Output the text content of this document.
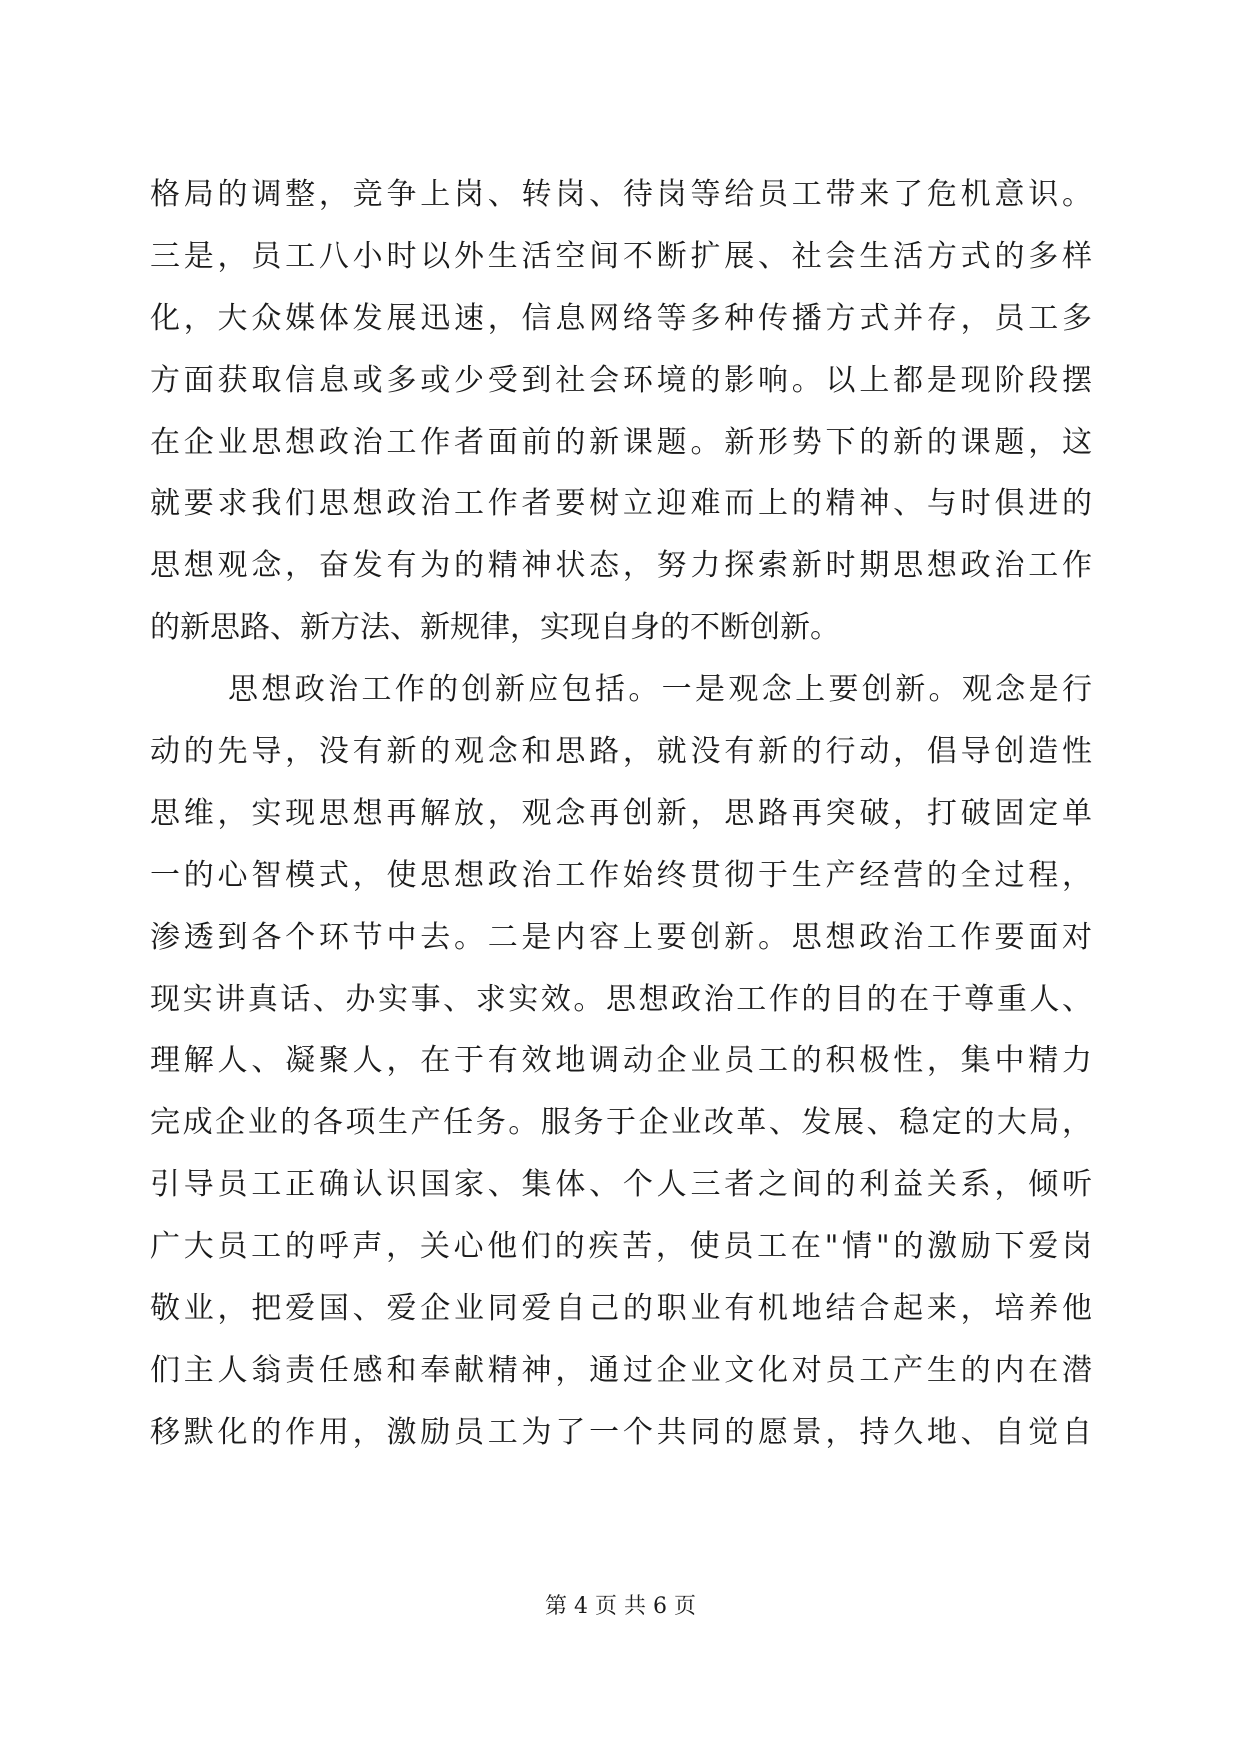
格局的调整，竞争上岗、转岗、待岗等给员工带来了危机意识。
三是，员工八小时以外生活空间不断扩展、社会生活方式的多样
化，大众媒体发展迅速，信息网络等多种传播方式并存，员工多
方面获取信息或多或少受到社会环境的影响。以上都是现阶段摆
在企业思想政治工作者面前的新课题。新形势下的新的课题，这
就要求我们思想政治工作者要树立迎难而上的精神、与时俱进的
思想观念，奋发有为的精神状态，努力探索新时期思想政治工作
的新思路、新方法、新规律，实现自身的不断创新。
思想政治工作的创新应包括。一是观念上要创新。观念是行
动的先导，没有新的观念和思路，就没有新的行动，倡导创造性
思维，实现思想再解放，观念再创新，思路再突破，打破固定单
一的心智模式，使思想政治工作始终贯彻于生产经营的全过程，
渗透到各个环节中去。二是内容上要创新。思想政治工作要面对
现实讲真话、办实事、求实效。思想政治工作的目的在于尊重人、
理解人、凝聚人，在于有效地调动企业员工的积极性，集中精力
完成企业的各项生产任务。服务于企业改革、发展、稳定的大局，
引导员工正确认识国家、集体、个人三者之间的利益关系，倾听
广大员工的呼声，关心他们的疾苦，使员工在"情"的激励下爱岗
敬业，把爱国、爱企业同爱自己的职业有机地结合起来，培养他
们主人翁责任感和奉献精神，通过企业文化对员工产生的内在潜
移默化的作用，激励员工为了一个共同的愿景，持久地、自觉自
第 4 页 共 6 页
